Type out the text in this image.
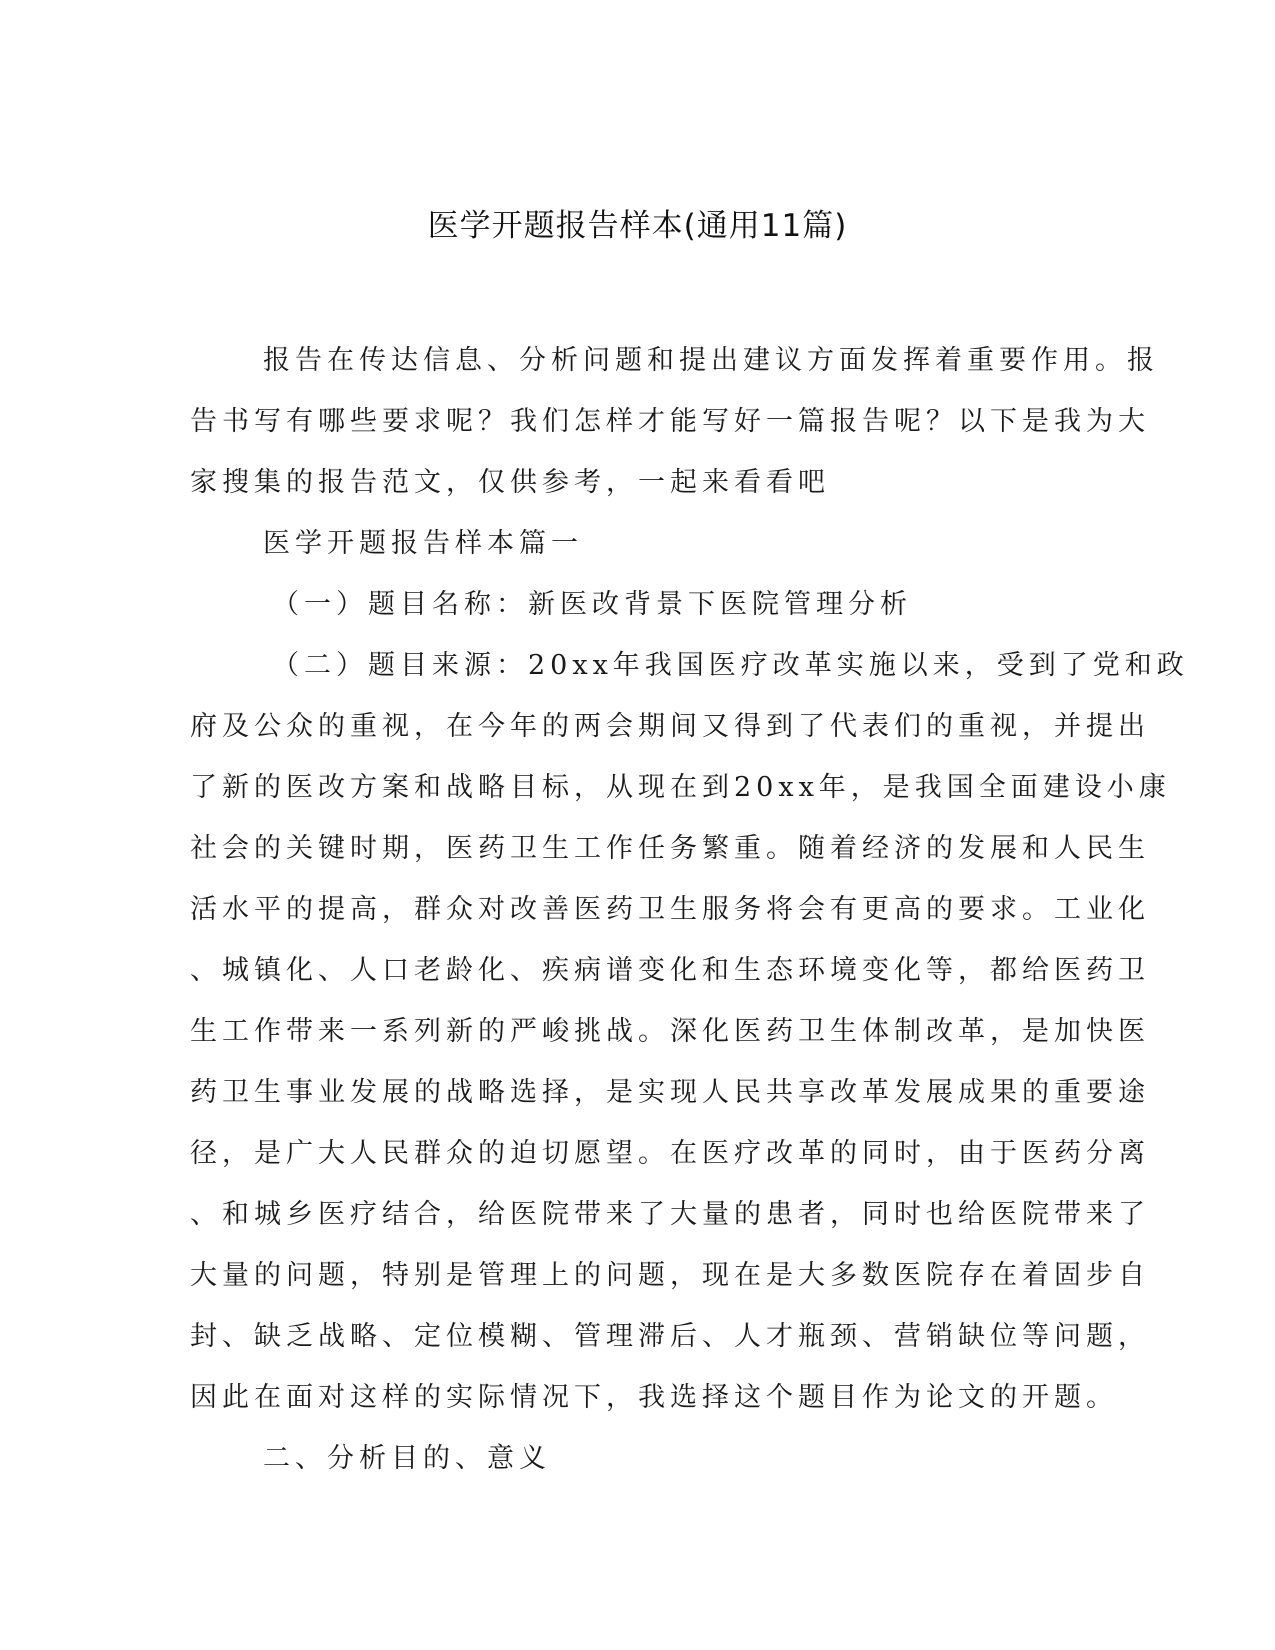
医学开题报告样本(通用11篇)
报告在传达信息、分析问题和提出建议方面发挥着重要作用。报
告书写有哪些要求呢？我们怎样才能写好一篇报告呢？以下是我为大
家搜集的报告范文，仅供参考，一起来看看吧
医学开题报告样本篇一
（一）题目名称：新医改背景下医院管理分析
（二）题目来源：20xx年我国医疗改革实施以来，受到了党和政
府及公众的重视，在今年的两会期间又得到了代表们的重视，并提出
了新的医改方案和战略目标，从现在到20xx年，是我国全面建设小康
社会的关键时期，医药卫生工作任务繁重。随着经济的发展和人民生
活水平的提高，群众对改善医药卫生服务将会有更高的要求。工业化
、城镇化、人口老龄化、疾病谱变化和生态环境变化等，都给医药卫
生工作带来一系列新的严峻挑战。深化医药卫生体制改革，是加快医
药卫生事业发展的战略选择，是实现人民共享改革发展成果的重要途
径，是广大人民群众的迫切愿望。在医疗改革的同时，由于医药分离
、和城乡医疗结合，给医院带来了大量的患者，同时也给医院带来了
大量的问题，特别是管理上的问题，现在是大多数医院存在着固步自
封、缺乏战略、定位模糊、管理滞后、人才瓶颈、营销缺位等问题，
因此在面对这样的实际情况下，我选择这个题目作为论文的开题。
二、分析目的、意义
